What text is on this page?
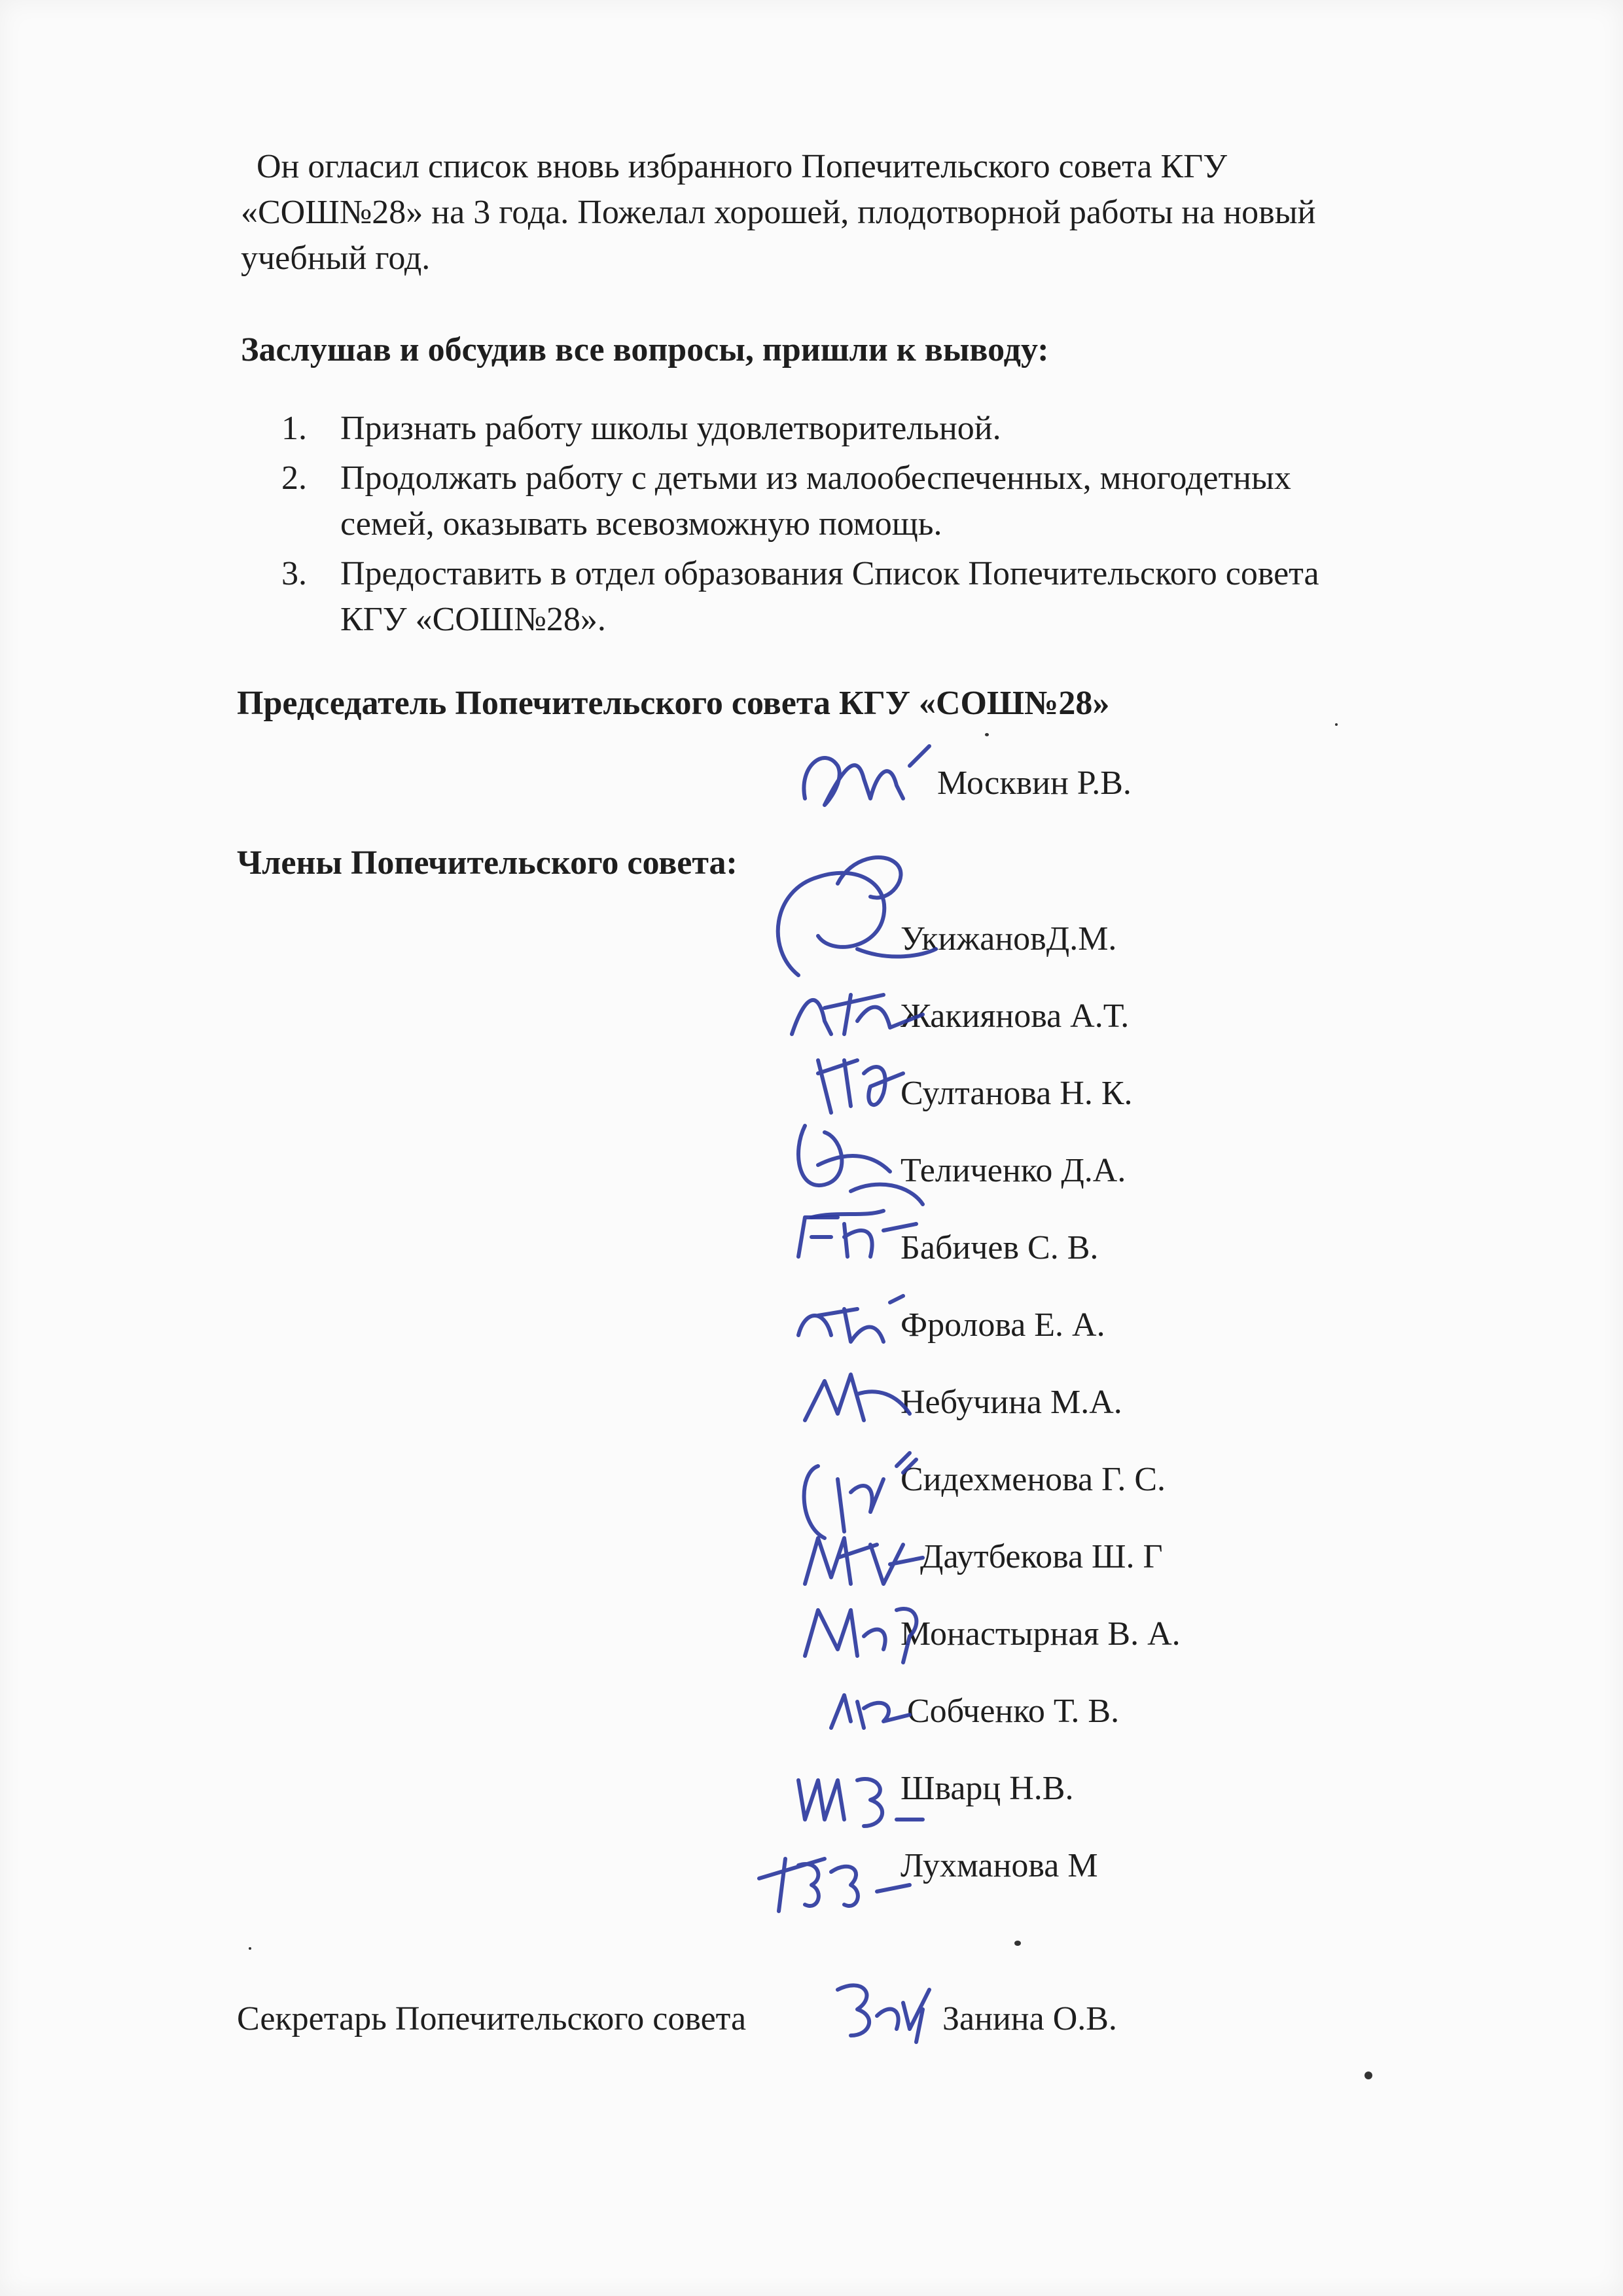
Он огласил список вновь избранного Попечительского совета КГУ
«СОШ№28» на 3 года. Пожелал хорошей, плодотворной работы на новый
учебный год.
Заслушав и обсудив все вопросы, пришли к выводу:
1. Признать работу школы удовлетворительной.
2. Продолжать работу с детьми из малообеспеченных, многодетных
семей, оказывать всевозможную помощь.
3. Предоставить в отдел образования Список Попечительского совета
КГУ «СОШ№28».
Председатель Попечительского совета КГУ «СОШ№28»
Москвин Р.В.
Члены Попечительского совета:
УкижановД.М.
Жакиянова А.Т.
Султанова Н. К.
Теличенко Д.А.
Бабичев С. В.
Фролова Е. А.
Небучина М.А.
Сидехменова Г. С.
Даутбекова Ш. Г
Монастырная В. А.
Собченко Т. В.
Шварц Н.В.
Лухманова М
Секретарь Попечительского совета	Занина О.В.
